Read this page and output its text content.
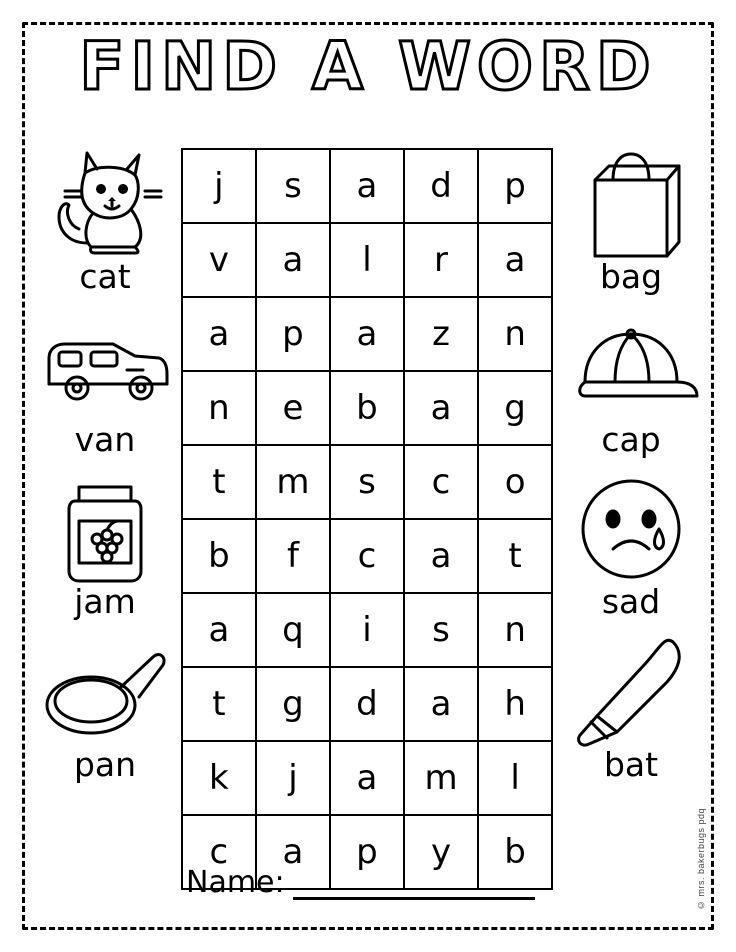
FIND A WORD
cat
van
jam
pan
bag
cap
sad
bat
j	s	a	d	p
v	a	l	r	a
a	p	a	z	n
n	e	b	a	g
t	m	s	c	o
b	f	c	a	t
a	q	i	s	n
t	g	d	a	h
k	j	a	m	l
c	a	p	y	b
Name:	© mrs. bakerbugs pdq
